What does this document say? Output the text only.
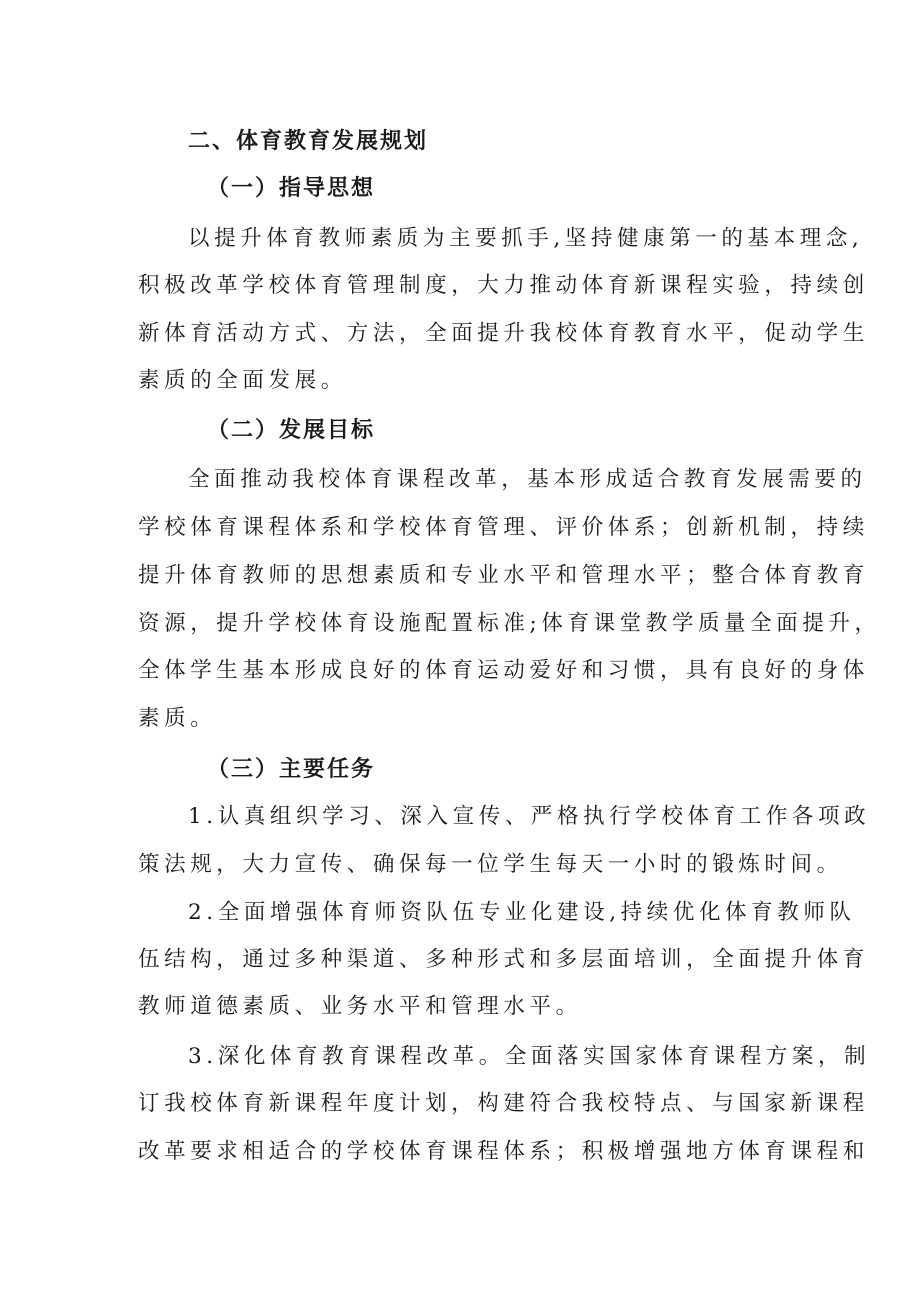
二、体育教育发展规划
（一）指导思想
以提升体育教师素质为主要抓手,坚持健康第一的基本理念,
积极改革学校体育管理制度，大力推动体育新课程实验，持续创
新体育活动方式、方法，全面提升我校体育教育水平，促动学生
素质的全面发展。
（二）发展目标
全面推动我校体育课程改革，基本形成适合教育发展需要的
学校体育课程体系和学校体育管理、评价体系；创新机制，持续
提升体育教师的思想素质和专业水平和管理水平；整合体育教育
资源，提升学校体育设施配置标准;体育课堂教学质量全面提升，
全体学生基本形成良好的体育运动爱好和习惯，具有良好的身体
素质。
（三）主要任务
1.认真组织学习、深入宣传、严格执行学校体育工作各项政
策法规，大力宣传、确保每一位学生每天一小时的锻炼时间。
2.全面增强体育师资队伍专业化建设,持续优化体育教师队
伍结构，通过多种渠道、多种形式和多层面培训，全面提升体育
教师道德素质、业务水平和管理水平。
3.深化体育教育课程改革。全面落实国家体育课程方案，制
订我校体育新课程年度计划，构建符合我校特点、与国家新课程
改革要求相适合的学校体育课程体系；积极增强地方体育课程和
